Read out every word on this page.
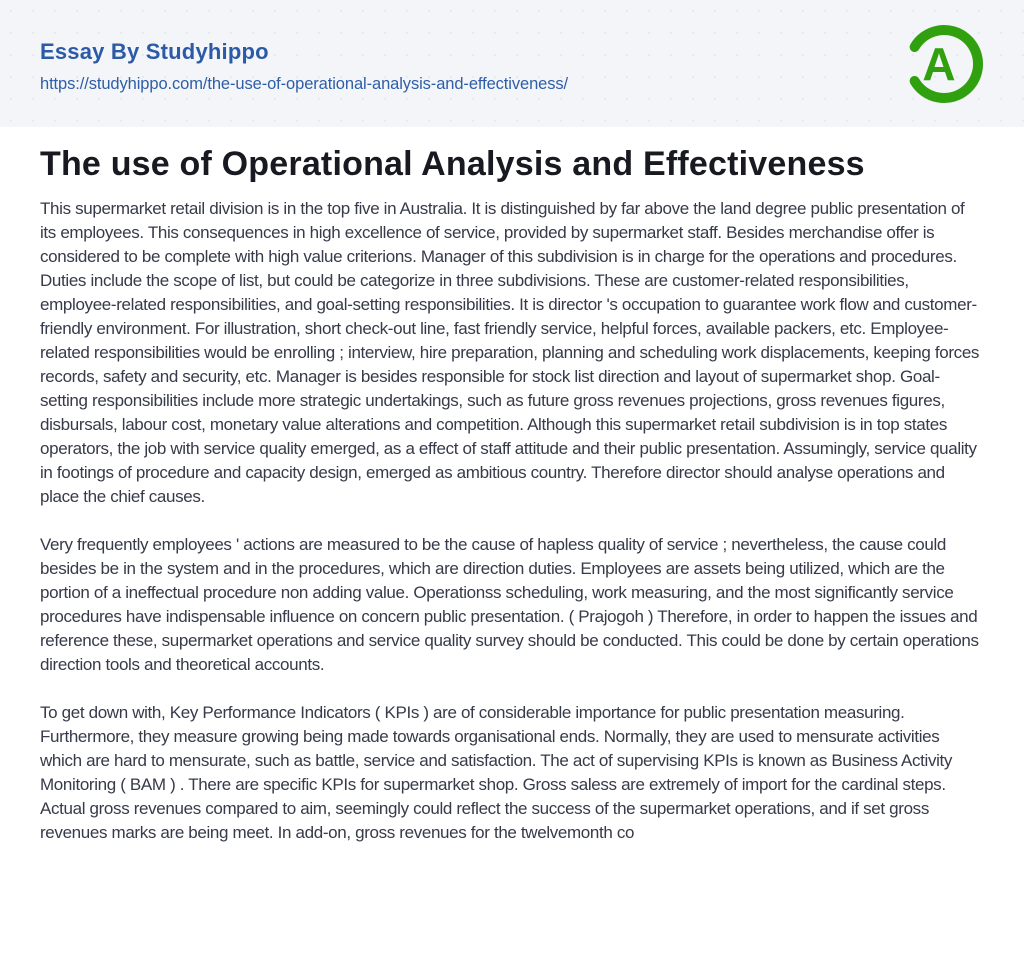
Essay By Studyhippo
https://studyhippo.com/the-use-of-operational-analysis-and-effectiveness/	A
The use of Operational Analysis and Effectiveness

This supermarket retail division is in the top five in Australia. It is distinguished by far above the land degree public presentation of its employees. This consequences in high excellence of service, provided by supermarket staff. Besides merchandise offer is considered to be complete with high value criterions. Manager of this subdivision is in charge for the operations and procedures. Duties include the scope of list, but could be categorize in three subdivisions. These are customer-related responsibilities, employee-related responsibilities, and goal-setting responsibilities. It is director 's occupation to guarantee work flow and customer-friendly environment. For illustration, short check-out line, fast friendly service, helpful forces, available packers, etc. Employee-related responsibilities would be enrolling ; interview, hire preparation, planning and scheduling work displacements, keeping forces records, safety and security, etc. Manager is besides responsible for stock list direction and layout of supermarket shop. Goal-setting responsibilities include more strategic undertakings, such as future gross revenues projections, gross revenues figures, disbursals, labour cost, monetary value alterations and competition. Although this supermarket retail subdivision is in top states operators, the job with service quality emerged, as a effect of staff attitude and their public presentation. Assumingly, service quality in footings of procedure and capacity design, emerged as ambitious country. Therefore director should analyse operations and place the chief causes.

Very frequently employees ' actions are measured to be the cause of hapless quality of service ; nevertheless, the cause could besides be in the system and in the procedures, which are direction duties. Employees are assets being utilized, which are the portion of a ineffectual procedure non adding value. Operationss scheduling, work measuring, and the most significantly service procedures have indispensable influence on concern public presentation. ( Prajogoh ) Therefore, in order to happen the issues and reference these, supermarket operations and service quality survey should be conducted. This could be done by certain operations direction tools and theoretical accounts.

To get down with, Key Performance Indicators ( KPIs ) are of considerable importance for public presentation measuring. Furthermore, they measure growing being made towards organisational ends. Normally, they are used to mensurate activities which are hard to mensurate, such as battle, service and satisfaction. The act of supervising KPIs is known as Business Activity Monitoring ( BAM ) . There are specific KPIs for supermarket shop. Gross saless are extremely of import for the cardinal steps. Actual gross revenues compared to aim, seemingly could reflect the success of the supermarket operations, and if set gross revenues marks are being meet. In add-on, gross revenues for the twelvemonth co
